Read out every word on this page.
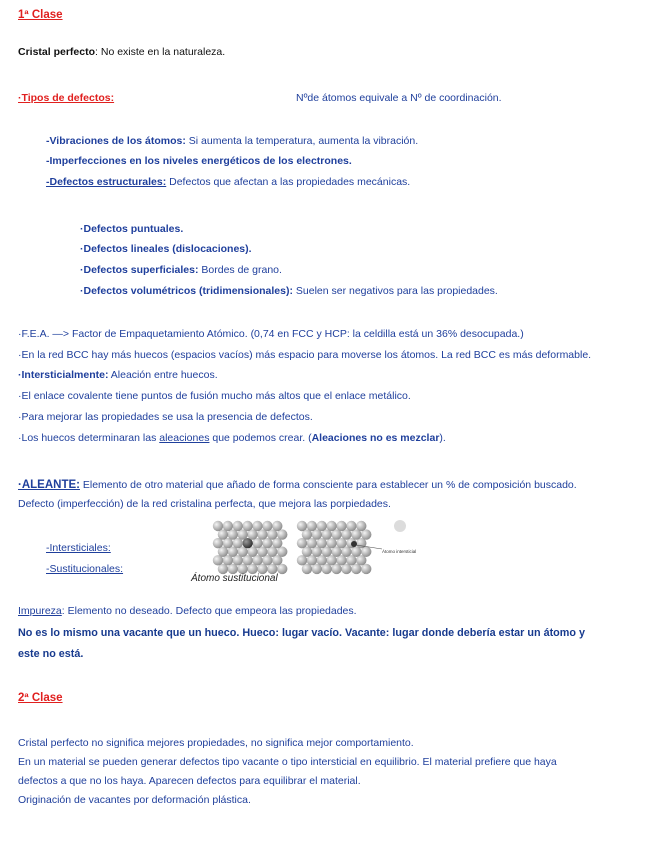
1ª Clase
Cristal perfecto: No existe en la naturaleza.
·Tipos de defectos:	Nºde átomos equivale a Nº de coordinación.
-Vibraciones de los átomos: Si aumenta la temperatura, aumenta la vibración.
-Imperfecciones en los niveles energéticos de los electrones.
-Defectos estructurales: Defectos que afectan a las propiedades mecánicas.
·Defectos puntuales.
·Defectos lineales (dislocaciones).
·Defectos superficiales: Bordes de grano.
·Defectos volumétricos (tridimensionales): Suelen ser negativos para las propiedades.
·F.E.A. —> Factor de Empaquetamiento Atómico. (0,74 en FCC y HCP: la celdilla está un 36% desocupada.)
·En la red BCC hay más huecos (espacios vacíos) más espacio para moverse los átomos. La red BCC es más deformable.
·Intersticialmente: Aleación entre huecos.
·El enlace covalente tiene puntos de fusión mucho más altos que el enlace metálico.
·Para mejorar las propiedades se usa la presencia de defectos.
·Los huecos determinaran las aleaciones que podemos crear. (Aleaciones no es mezclar).
·ALEANTE: Elemento de otro material que añado de forma consciente para establecer un % de composición buscado.
Defecto (imperfección) de la red cristalina perfecta, que mejora las porpiedades.
-Intersticiales:
-Sustitucionales:
Átomo intersticial
Átomo sustitucional
Impureza: Elemento no deseado. Defecto que empeora las propiedades.
No es lo mismo una vacante que un hueco. Hueco: lugar vacío. Vacante: lugar donde debería estar un átomo y
este no está.
2ª Clase
Cristal perfecto no significa mejores propiedades, no significa mejor comportamiento.
En un material se pueden generar defectos tipo vacante o tipo intersticial en equilibrio. El material prefiere que haya
defectos a que no los haya. Aparecen defectos para equilibrar el material.
Originación de vacantes por deformación plástica.
